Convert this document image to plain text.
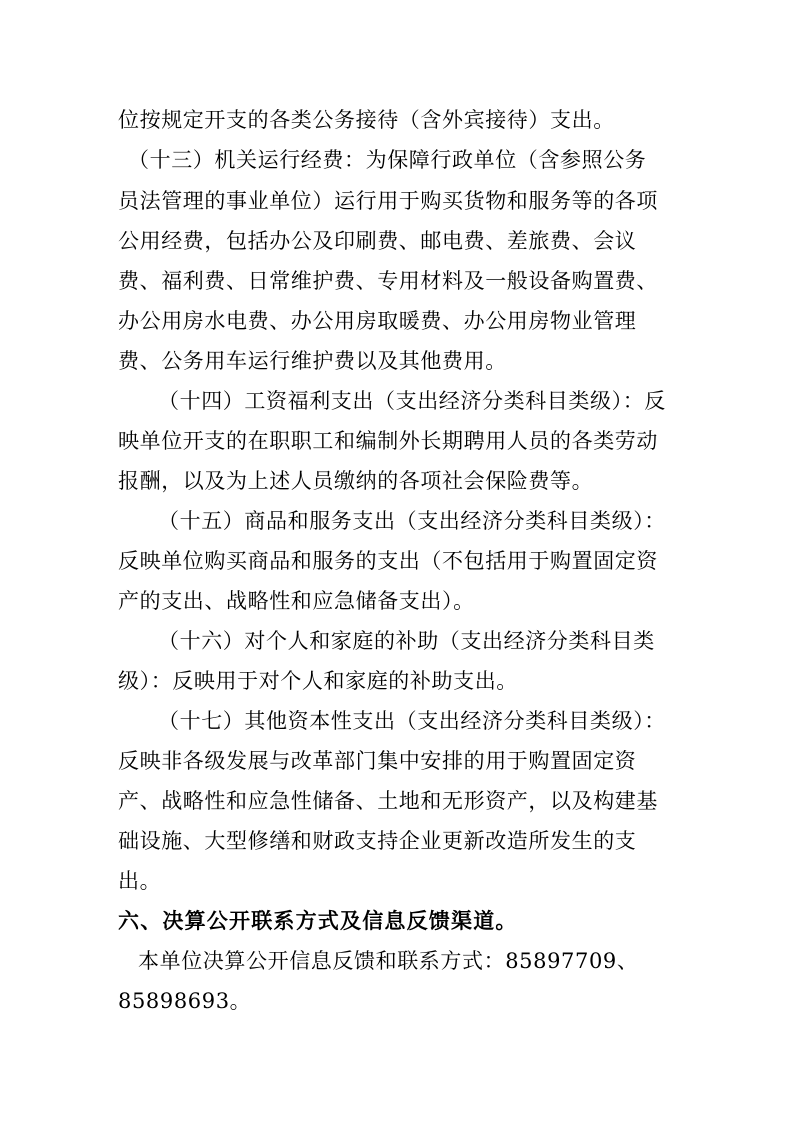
位按规定开支的各类公务接待（含外宾接待）支出。
（十三）机关运行经费：为保障行政单位（含参照公务
员法管理的事业单位）运行用于购买货物和服务等的各项
公用经费，包括办公及印刷费、邮电费、差旅费、会议
费、福利费、日常维护费、专用材料及一般设备购置费、
办公用房水电费、办公用房取暖费、办公用房物业管理
费、公务用车运行维护费以及其他费用。
（十四）工资福利支出（支出经济分类科目类级）：反
映单位开支的在职职工和编制外长期聘用人员的各类劳动
报酬，以及为上述人员缴纳的各项社会保险费等。
（十五）商品和服务支出（支出经济分类科目类级）：
反映单位购买商品和服务的支出（不包括用于购置固定资
产的支出、战略性和应急储备支出）。
（十六）对个人和家庭的补助（支出经济分类科目类
级）：反映用于对个人和家庭的补助支出。
（十七）其他资本性支出（支出经济分类科目类级）：
反映非各级发展与改革部门集中安排的用于购置固定资
产、战略性和应急性储备、土地和无形资产，以及构建基
础设施、大型修缮和财政支持企业更新改造所发生的支
出。
六、决算公开联系方式及信息反馈渠道。
本单位决算公开信息反馈和联系方式：85897709、
85898693。
